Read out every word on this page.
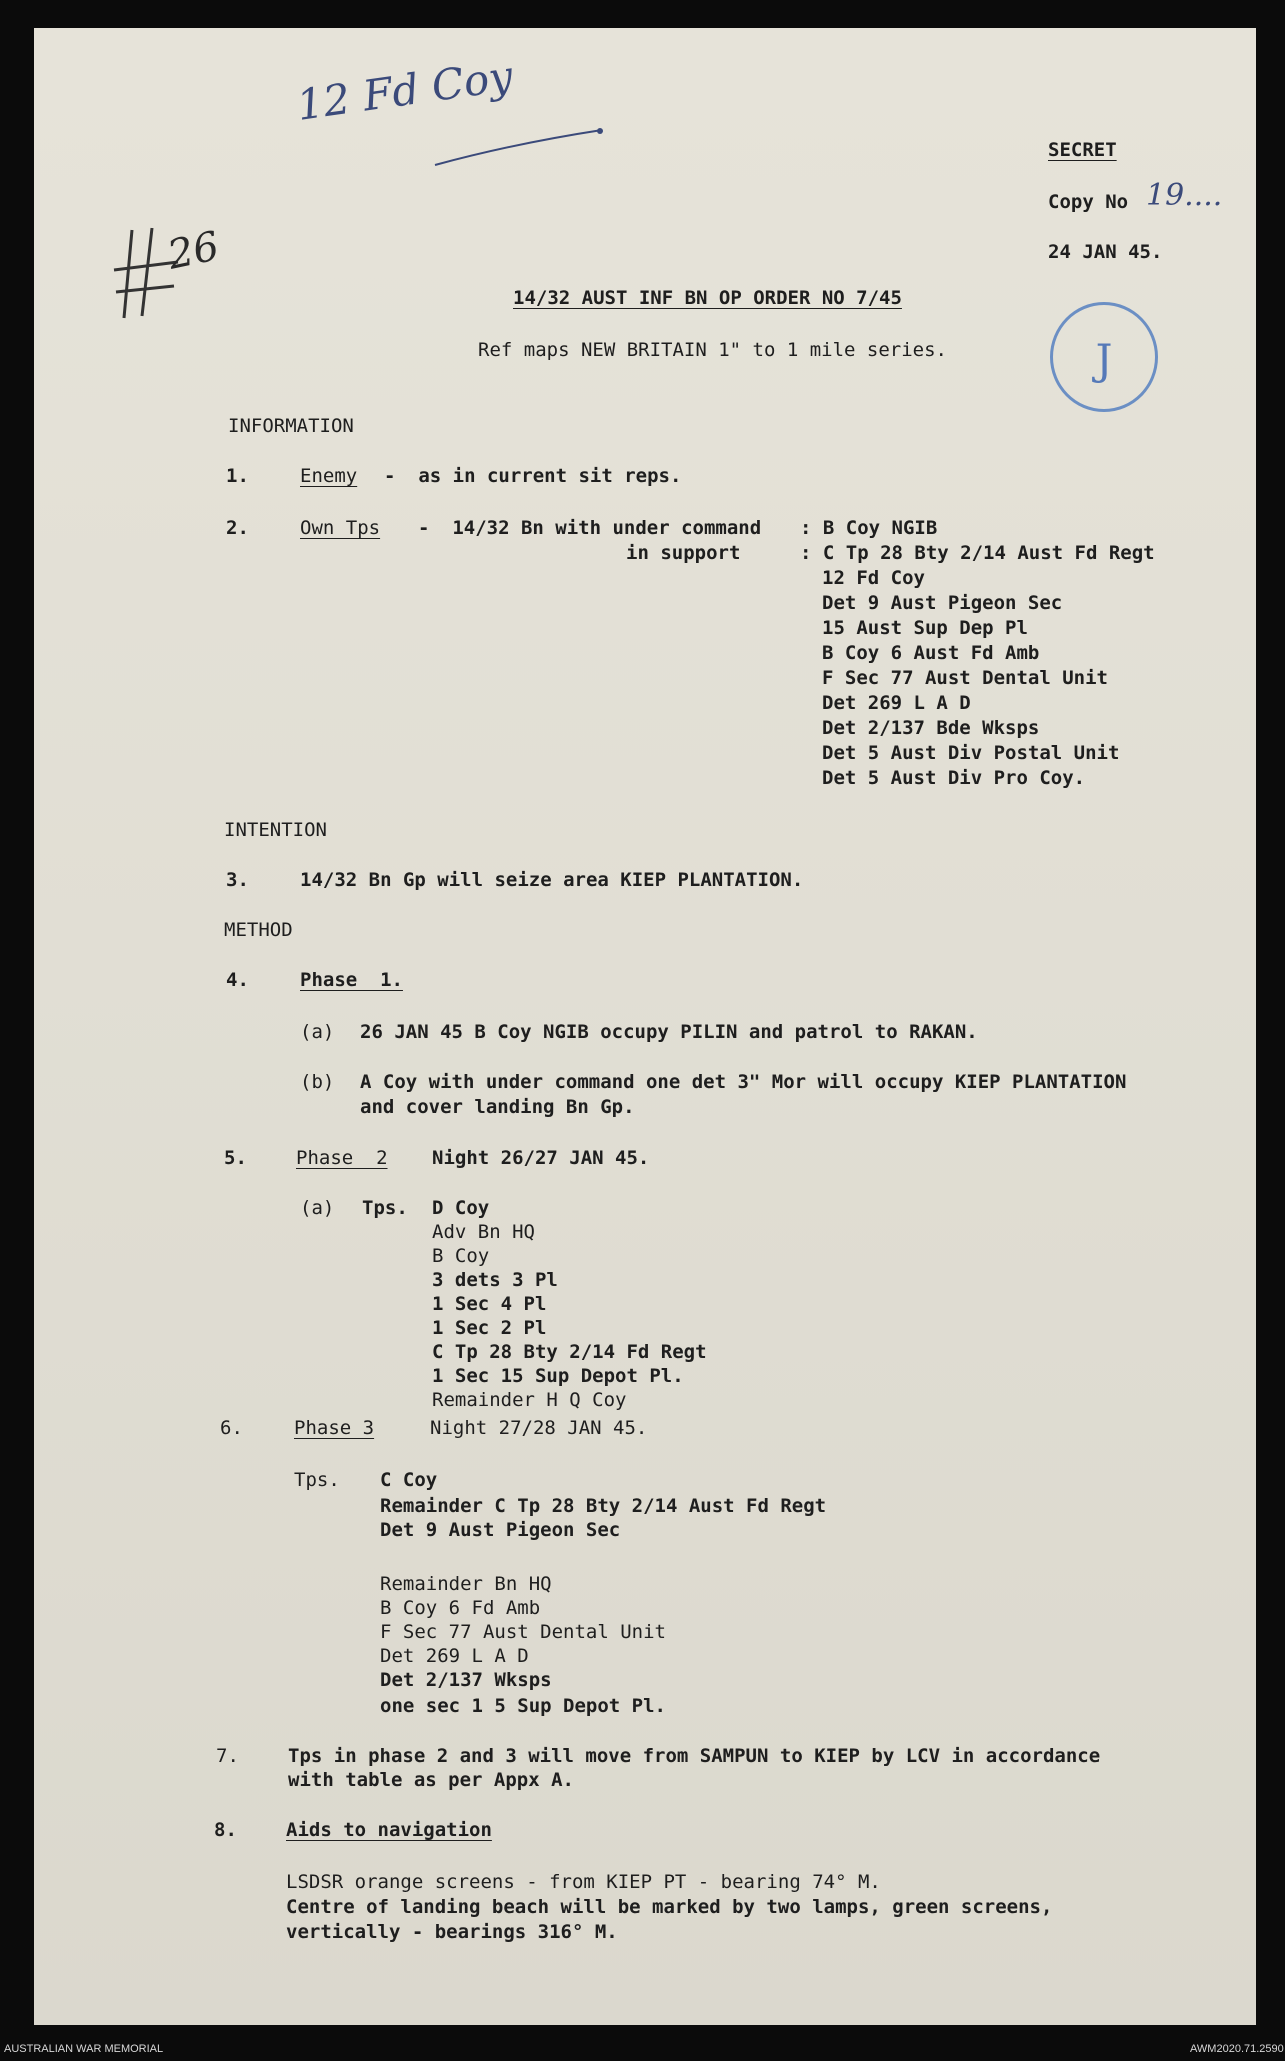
12 Fd Coy
26
J
SECRET
Copy No 19....
24 JAN 45.
14/32 AUST INF BN OP ORDER NO 7/45
Ref maps NEW BRITAIN 1" to 1 mile series.
INFORMATION
1.	Enemy -  as in current sit reps.
2.	Own Tps -  14/32 Bn with under command
in support
: B Coy NGIB
: C Tp 28 Bty 2/14 Aust Fd Regt
12 Fd Coy
Det 9 Aust Pigeon Sec
15 Aust Sup Dep Pl
B Coy 6 Aust Fd Amb
F Sec 77 Aust Dental Unit
Det 269 L A D
Det 2/137 Bde Wksps
Det 5 Aust Div Postal Unit
Det 5 Aust Div Pro Coy.
INTENTION
3.	14/32 Bn Gp will seize area KIEP PLANTATION.
METHOD
4.	Phase  1.
(a) 26 JAN 45 B Coy NGIB occupy PILIN and patrol to RAKAN.
(b) A Coy with under command one det 3" Mor will occupy KIEP PLANTATION
and cover landing Bn Gp.
5.	Phase  2 Night 26/27 JAN 45.
(a) Tps. D Coy
Adv Bn HQ
B Coy
3 dets 3 Pl
1 Sec 4 Pl
1 Sec 2 Pl
C Tp 28 Bty 2/14 Fd Regt
1 Sec 15 Sup Depot Pl.
Remainder H Q Coy
6.	Phase 3	Night 27/28 JAN 45.
Tps. C Coy
Remainder C Tp 28 Bty 2/14 Aust Fd Regt
Det 9 Aust Pigeon Sec
Remainder Bn HQ
B Coy 6 Fd Amb
F Sec 77 Aust Dental Unit
Det 269 L A D
Det 2/137 Wksps
one sec 1 5 Sup Depot Pl.
7.	Tps in phase 2 and 3 will move from SAMPUN to KIEP by LCV in accordance
with table as per Appx A.
8.	Aids to navigation
LSDSR orange screens - from KIEP PT - bearing 74° M.
Centre of landing beach will be marked by two lamps, green screens,
vertically - bearings 316° M.
AUSTRALIAN WAR MEMORIAL	AWM2020.71.2590
